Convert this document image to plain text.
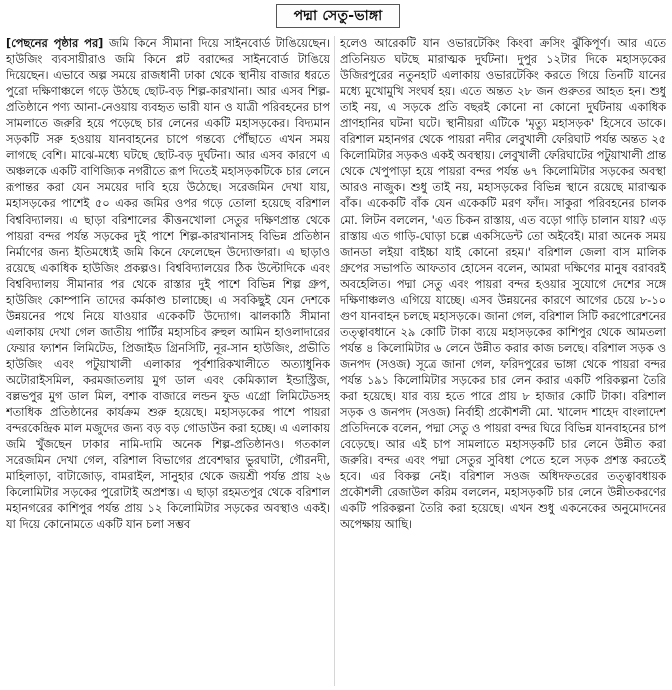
পদ্মা সেতু-ভাঙ্গা

[পেছনের পৃষ্ঠার পর] জমি কিনে সীমানা দিয়ে সাইনবোর্ড টাঙিয়েছেন। হাউজিং ব্যবসায়ীরাও জমি কিনে প্লট বরাদ্দের সাইনবোর্ড টাঙিয়ে দিয়েছেন। এভাবে অল্প সময়ে রাজধানী ঢাকা থেকে স্থানীয় বাজার ধরতে পুরো দক্ষিণাঞ্চলে গড়ে উঠছে ছোট-বড় শিল্প-কারখানা। আর এসব শিল্প-প্রতিষ্ঠানে পণ্য আনা-নেওয়ায় ব্যবহৃত ভারী যান ও যাত্রী পরিবহনের চাপ সামলাতে জরুরি হয়ে পড়েছে চার লেনের একটি মহাসড়কের। বিদ্যমান সড়কটি সরু হওয়ায় যানবাহনের চাপে গন্তব্যে পৌঁছাতে এখন সময় লাগছে বেশি। মাঝে-মধ্যে ঘটছে ছোট-বড় দুর্ঘটনা। আর এসব কারণে এ অঞ্চলকে একটি বাণিজ্যিক নগরীতে রূপ দিতেই মহাসড়কটিকে চার লেনে রূপান্তর করা যেন সময়ের দাবি হয়ে উঠেছে। সরেজমিন দেখা যায়, মহাসড়কের পাশেই ৫০ একর জমির ওপর গড়ে তোলা হয়েছে বরিশাল বিশ্ববিদ্যালয়। এ ছাড়া বরিশালের কীত্তনখোলা সেতুর দক্ষিণপ্রান্ত থেকে পায়রা বন্দর পর্যন্ত সড়কের দুই পাশে শিল্প-কারখানাসহ বিভিন্ন প্রতিষ্ঠান নির্মাণের জন্য ইতিমধ্যেই জমি কিনে ফেলেছেন উদ্যোক্তারা। এ ছাড়াও রয়েছে একাধিক হাউজিং প্রকল্পও। বিশ্ববিদ্যালয়ের ঠিক উল্টোদিকে এবং বিশ্ববিদ্যালয় সীমানার পর থেকে রাস্তার দুই পাশে বিভিন্ন শিল্প গ্রুপ, হাউজিং কোম্পানি তাদের কর্মকাণ্ড চালাচ্ছে। এ সবকিছুই যেন দেশকে উন্নয়নের পথে নিয়ে যাওয়ার একেকটি উদ্যোগ। ঝালকাঠি সীমানা এলাকায় দেখা গেল জাতীয় পার্টির মহাসচিব রুহুল আমিন হাওলাদারের ফেয়ার ফ্যাশন লিমিটেড, প্রিজাইড গ্রিনসিটি, নূর-সান হাউজিং, প্রভীতি হাউজিং এবং পটুয়াখালী এলাকার পূর্বশারিকখালীতে অত্যাধুনিক অটোরাইসমিল, করমজাতলায় মুগ ডাল এবং কেমিক্যাল ইন্ডাস্ট্রিজ, বল্লভপুর মুগ ডাল মিল, বশাক বাজারে লন্ডন ফুড এগ্রো লিমিটেডসহ শতাধিক প্রতিষ্ঠানের কার্যক্রম শুরু হয়েছে। মহাসড়কের পাশে পায়রা বন্দরকেন্দ্রিক মাল মজুদের জন্য বড় বড় গোডাউন করা হচ্ছে। এ এলাকায় জমি খুঁজছেন ঢাকার নামি-দামি অনেক শিল্প-প্রতিষ্ঠানও। গতকাল সরেজমিন দেখা গেল, বরিশাল বিভাগের প্রবেশদ্বার ভুরঘাটা, গৌরনদী, মাহিলাড়া, বাটাজোড়, বামরাইল, সানুহার থেকে জয়শ্রী পর্যন্ত প্রায় ২৬ কিলোমিটার সড়কের পুরোটাই অপ্রশস্ত। এ ছাড়া রহমতপুর থেকে বরিশাল মহানগরের কাশিপুর পর্যন্ত প্রায় ১২ কিলোমিটার সড়কের অবস্থাও একই। যা দিয়ে কোনোমতে একটি যান চলা সম্ভব

হলেও আরেকটি যান ওভারটেকিং কিংবা ক্রসিং ঝুঁকিপূর্ণ। আর এতে প্রতিনিয়ত ঘটছে মারাত্মক দুর্ঘটনা। দুপুর ১২টার দিকে মহাসড়কের উজিরপুরের নতুনহাট এলাকায় ওভারটেকিং করতে গিয়ে তিনটি যানের মধ্যে মুখোমুখি সংঘর্ষ হয়। এতে অন্তত ২৮ জন গুরুতর আহত হন। শুধু তাই নয়, এ সড়কে প্রতি বছরই কোনো না কোনো দুর্ঘটনায় একাধিক প্রাণহানির ঘটনা ঘটে। স্থানীয়রা এটিকে 'মৃত্যু মহাসড়ক' হিসেবে ডাকে। বরিশাল মহানগর থেকে পায়রা নদীর লেবুখালী ফেরিঘাট পর্যন্ত অন্তত ২৫ কিলোমিটার সড়কও একই অবস্থায়। লেবুখালী ফেরিঘাটের পটুয়াখালী প্রান্ত থেকে খেপুপাড়া হয়ে পায়রা বন্দর পর্যন্ত ৬৭ কিলোমিটার সড়কের অবস্থা আরও নাজুক। শুধু তাই নয়, মহাসড়কের বিভিন্ন স্থানে রয়েছে মারাত্মক বাঁক। একেকটি বাঁক যেন একেকটি মরণ ফাঁদ। সাকুরা পরিবহনের চালক মো. লিটন বললেন, 'এত চিকন রাস্তায়, এত বড়ো গাড়ি চালান যায়? এড় রাস্তায় এত গাড়ি-ঘোড়া চল্লে একসিডেন্ট তো অইবেই। মারা অনেক সময় জানডা লইয়া বাইচ্চা যাই কোনো রহম।' বরিশাল জেলা বাস মালিক গ্রুপের সভাপতি আফতাব হোসেন বলেন, আমরা দক্ষিণের মানুষ বরাবরই অবহেলিত। পদ্মা সেতু এবং পায়রা বন্দর হওয়ার সুযোগে দেশের সঙ্গে দক্ষিণাঞ্চলও এগিয়ে যাচ্ছে। এসব উন্নয়নের কারণে আগের চেয়ে ৮-১০ গুণ যানবাহন চলছে মহাসড়কে। জানা গেল, বরিশাল সিটি করপোরেশনের তত্ত্বাবধানে ২৯ কোটি টাকা ব্যয়ে মহাসড়কের কাশিপুর থেকে আমতলা পর্যন্ত ৪ কিলোমিটার ৬ লেনে উন্নীত করার কাজ চলছে। বরিশাল সড়ক ও জনপদ (সওজ) সূত্রে জানা গেল, ফরিদপুরের ভাঙ্গা থেকে পায়রা বন্দর পর্যন্ত ১৯১ কিলোমিটার সড়কের চার লেন করার একটি পরিকল্পনা তৈরি করা হয়েছে। যার ব্যয় হতে পারে প্রায় ৮ হাজার কোটি টাকা। বরিশাল সড়ক ও জনপদ (সওজ) নির্বাহী প্রকৌশলী মো. খালেদ শাহেদ বাংলাদেশ প্রতিদিনকে বলেন, পদ্মা সেতু ও পায়রা বন্দর ঘিরে বিভিন্ন যানবাহনের চাপ বেড়েছে। আর এই চাপ সামলাতে মহাসড়কটি চার লেনে উন্নীত করা জরুরি। বন্দর এবং পদ্মা সেতুর সুবিধা পেতে হলে সড়ক প্রশস্ত করতেই হবে। এর বিকল্প নেই। বরিশাল সওজ অধিদফতরের তত্ত্বাবধায়ক প্রকৌশলী রেজাউল করিম বললেন, মহাসড়কটি চার লেনে উন্নীতকরণের একটি পরিকল্পনা তৈরি করা হয়েছে। এখন শুধু একনেকের অনুমোদনের অপেক্ষায় আছি।
